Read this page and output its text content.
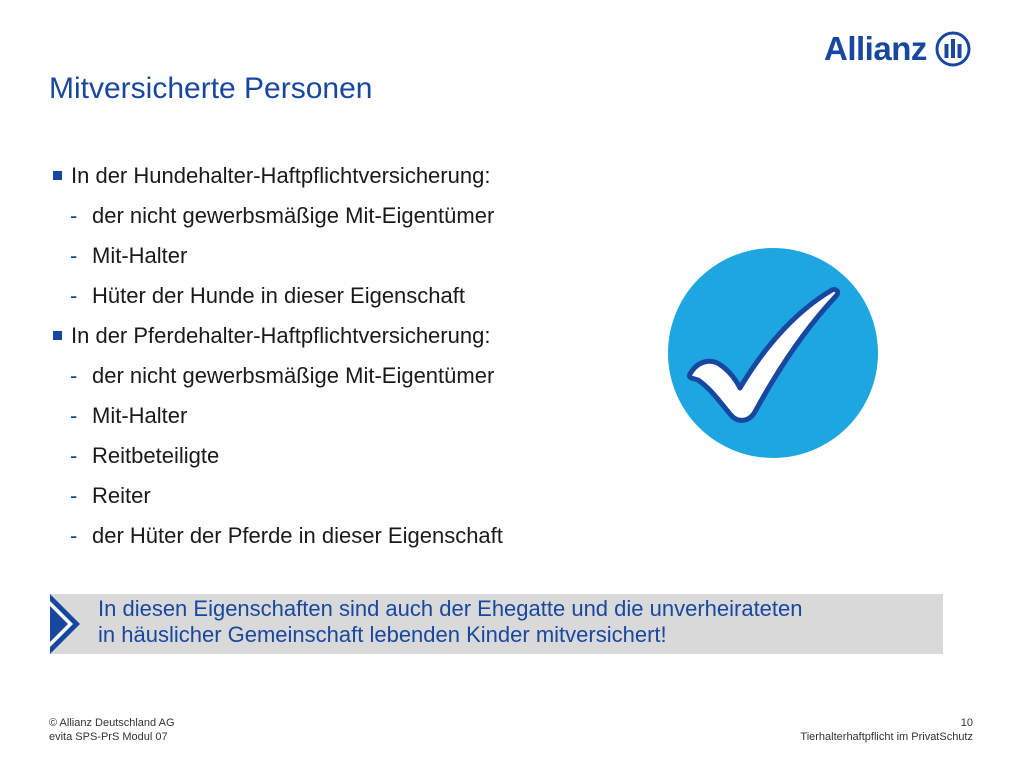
Allianz
Mitversicherte Personen
In der Hundehalter-Haftpflichtversicherung:
- der nicht gewerbsmäßige Mit-Eigentümer
- Mit-Halter
- Hüter der Hunde in dieser Eigenschaft
In der Pferdehalter-Haftpflichtversicherung:
- der nicht gewerbsmäßige Mit-Eigentümer
- Mit-Halter
- Reitbeteiligte
- Reiter
- der Hüter der Pferde in dieser Eigenschaft
In diesen Eigenschaften sind auch der Ehegatte und die unverheirateten
in häuslicher Gemeinschaft lebenden Kinder mitversichert!
© Allianz Deutschland AG
evita SPS-PrS Modul 07
10
Tierhalterhaftpflicht im PrivatSchutz
